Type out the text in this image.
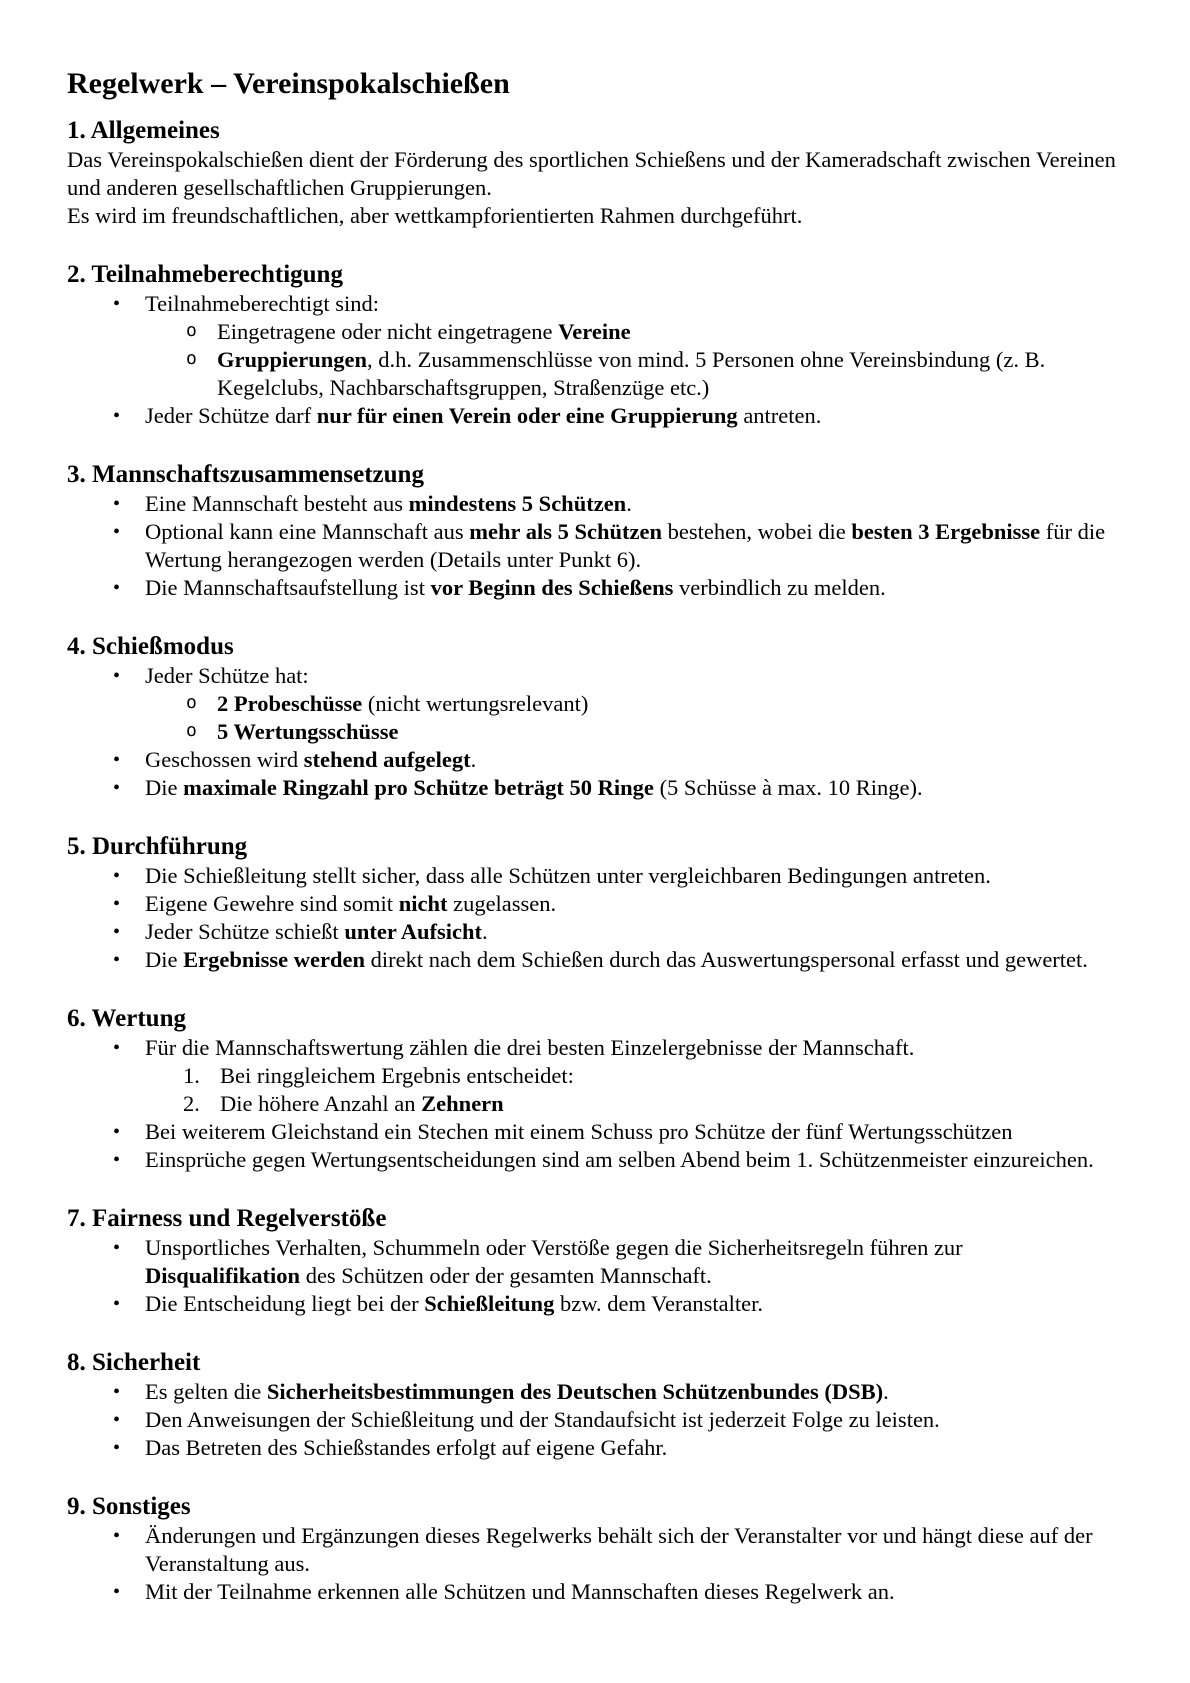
Regelwerk – Vereinspokalschießen
1. Allgemeines
Das Vereinspokalschießen dient der Förderung des sportlichen Schießens und der Kameradschaft zwischen Vereinen und anderen gesellschaftlichen Gruppierungen.
Es wird im freundschaftlichen, aber wettkampforientierten Rahmen durchgeführt.
2. Teilnahmeberechtigung
• Teilnahmeberechtigt sind:
o Eingetragene oder nicht eingetragene Vereine
o Gruppierungen, d.h. Zusammenschlüsse von mind. 5 Personen ohne Vereinsbindung (z. B. Kegelclubs, Nachbarschaftsgruppen, Straßenzüge etc.)
• Jeder Schütze darf nur für einen Verein oder eine Gruppierung antreten.
3. Mannschaftszusammensetzung
• Eine Mannschaft besteht aus mindestens 5 Schützen.
• Optional kann eine Mannschaft aus mehr als 5 Schützen bestehen, wobei die besten 3 Ergebnisse für die Wertung herangezogen werden (Details unter Punkt 6).
• Die Mannschaftsaufstellung ist vor Beginn des Schießens verbindlich zu melden.
4. Schießmodus
• Jeder Schütze hat:
o 2 Probeschüsse (nicht wertungsrelevant)
o 5 Wertungsschüsse
• Geschossen wird stehend aufgelegt.
• Die maximale Ringzahl pro Schütze beträgt 50 Ringe (5 Schüsse à max. 10 Ringe).
5. Durchführung
• Die Schießleitung stellt sicher, dass alle Schützen unter vergleichbaren Bedingungen antreten.
• Eigene Gewehre sind somit nicht zugelassen.
• Jeder Schütze schießt unter Aufsicht.
• Die Ergebnisse werden direkt nach dem Schießen durch das Auswertungspersonal erfasst und gewertet.
6. Wertung
• Für die Mannschaftswertung zählen die drei besten Einzelergebnisse der Mannschaft.
1. Bei ringgleichem Ergebnis entscheidet:
2. Die höhere Anzahl an Zehnern
• Bei weiterem Gleichstand ein Stechen mit einem Schuss pro Schütze der fünf Wertungsschützen
• Einsprüche gegen Wertungsentscheidungen sind am selben Abend beim 1. Schützenmeister einzureichen.
7. Fairness und Regelverstöße
• Unsportliches Verhalten, Schummeln oder Verstöße gegen die Sicherheitsregeln führen zur Disqualifikation des Schützen oder der gesamten Mannschaft.
• Die Entscheidung liegt bei der Schießleitung bzw. dem Veranstalter.
8. Sicherheit
• Es gelten die Sicherheitsbestimmungen des Deutschen Schützenbundes (DSB).
• Den Anweisungen der Schießleitung und der Standaufsicht ist jederzeit Folge zu leisten.
• Das Betreten des Schießstandes erfolgt auf eigene Gefahr.
9. Sonstiges
• Änderungen und Ergänzungen dieses Regelwerks behält sich der Veranstalter vor und hängt diese auf der Veranstaltung aus.
• Mit der Teilnahme erkennen alle Schützen und Mannschaften dieses Regelwerk an.
